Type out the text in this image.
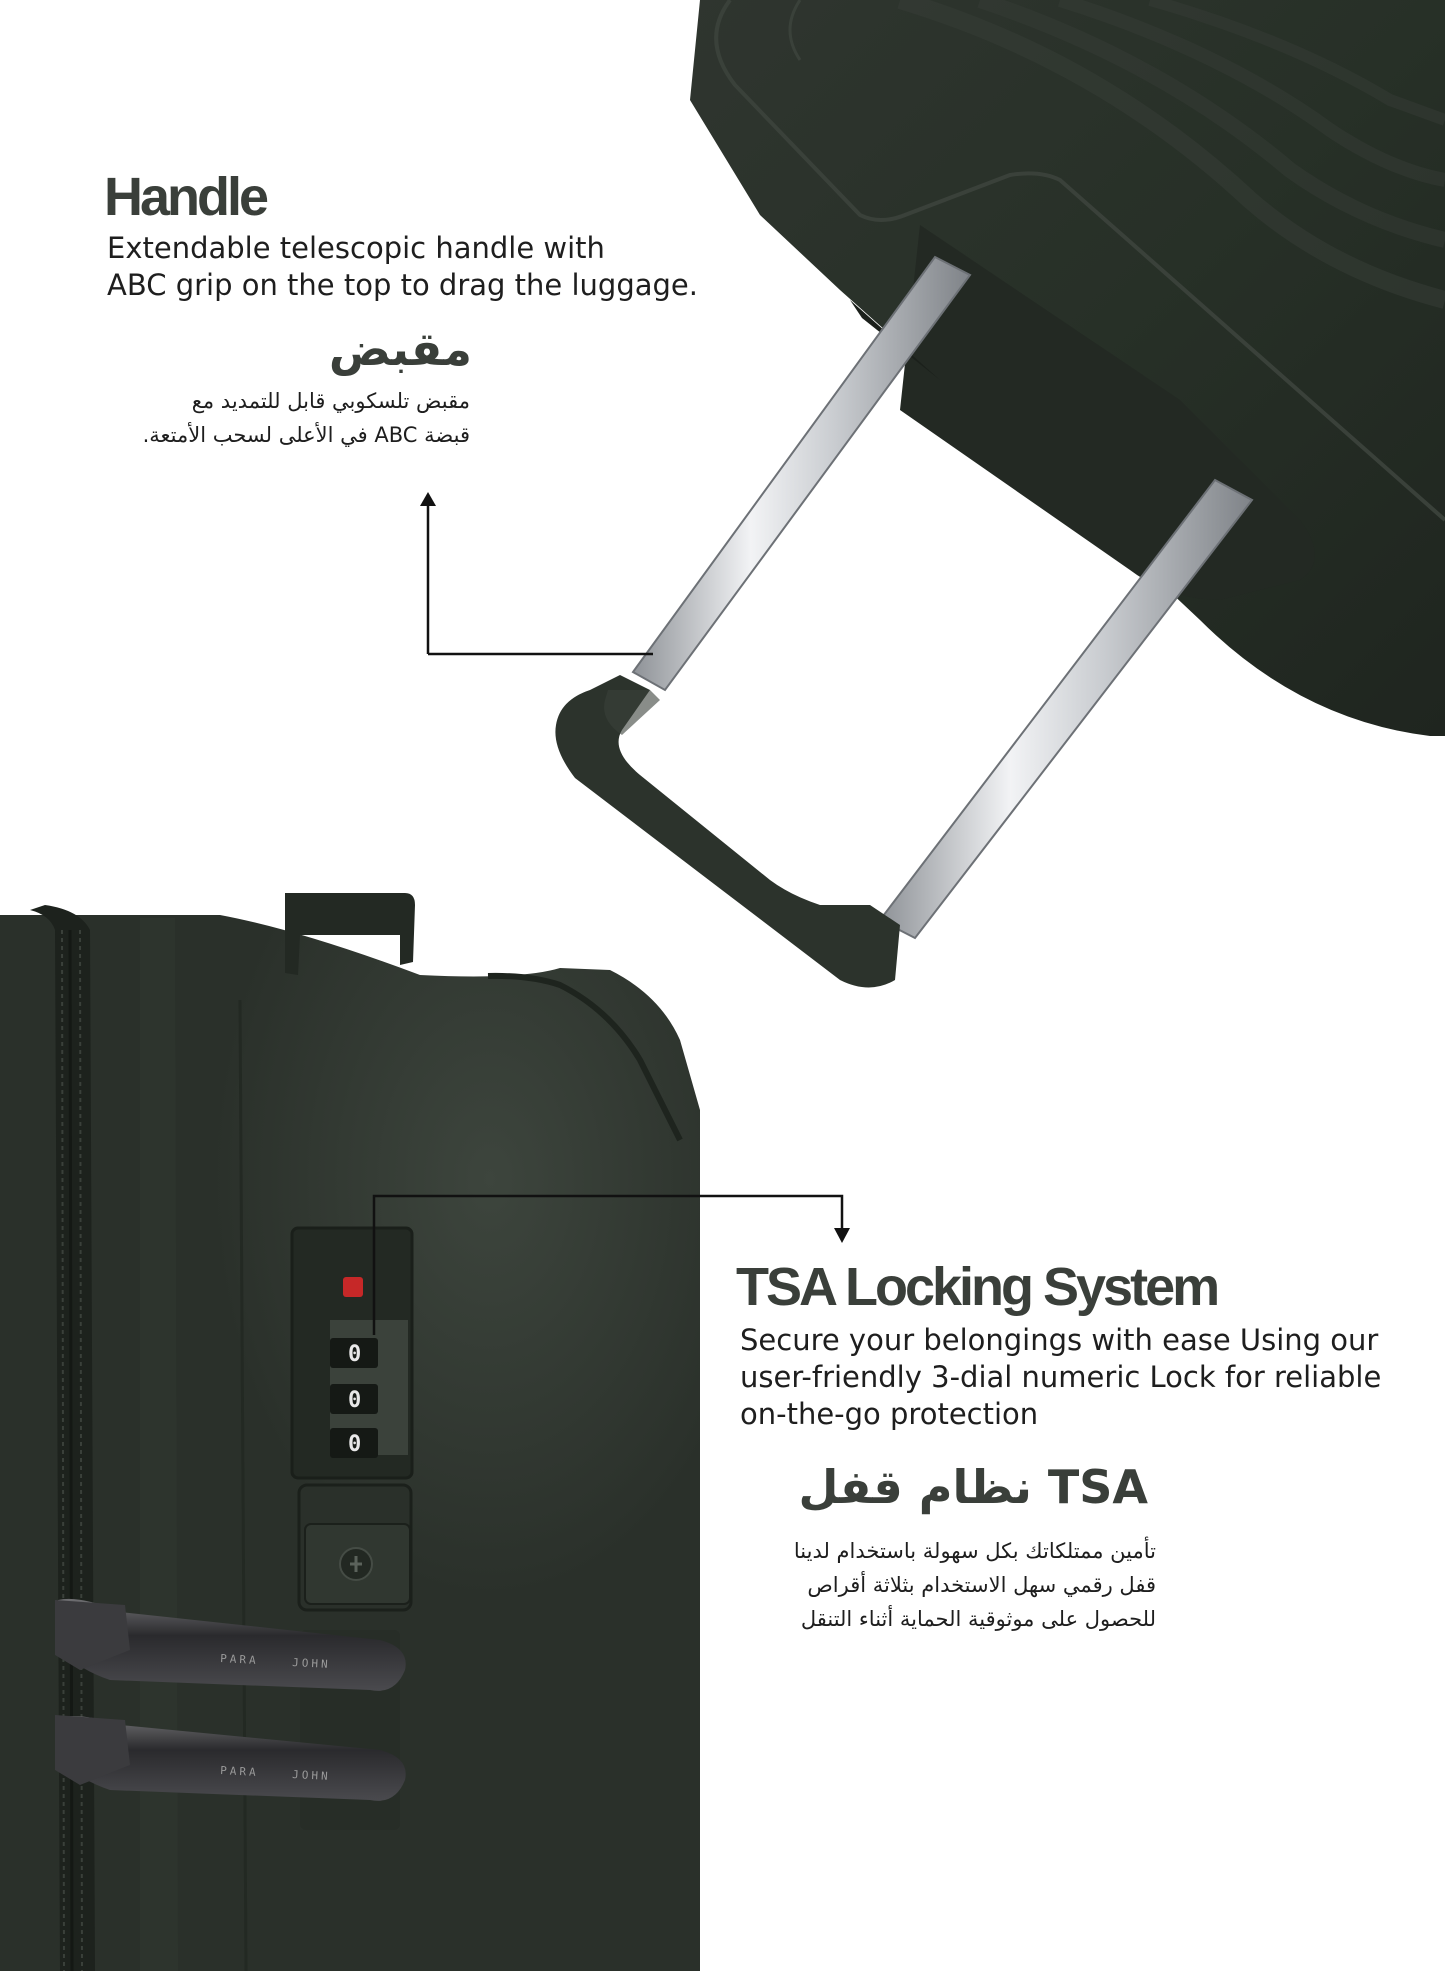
PARA	JOHN
PARA	JOHN
0
0
0
Handle
Extendable telescopic handle with
ABC grip on the top to drag the luggage.
مقبض
مقبض تلسكوبي قابل للتمديد مع
قبضة ABC في الأعلى لسحب الأمتعة.
TSA Locking System
Secure your belongings with ease Using our
user-friendly 3-dial numeric Lock for reliable
on-the-go protection
TSA نظام قفل
تأمين ممتلكاتك بكل سهولة باستخدام لدينا
قفل رقمي سهل الاستخدام بثلاثة أقراص
للحصول على موثوقية الحماية أثناء التنقل
